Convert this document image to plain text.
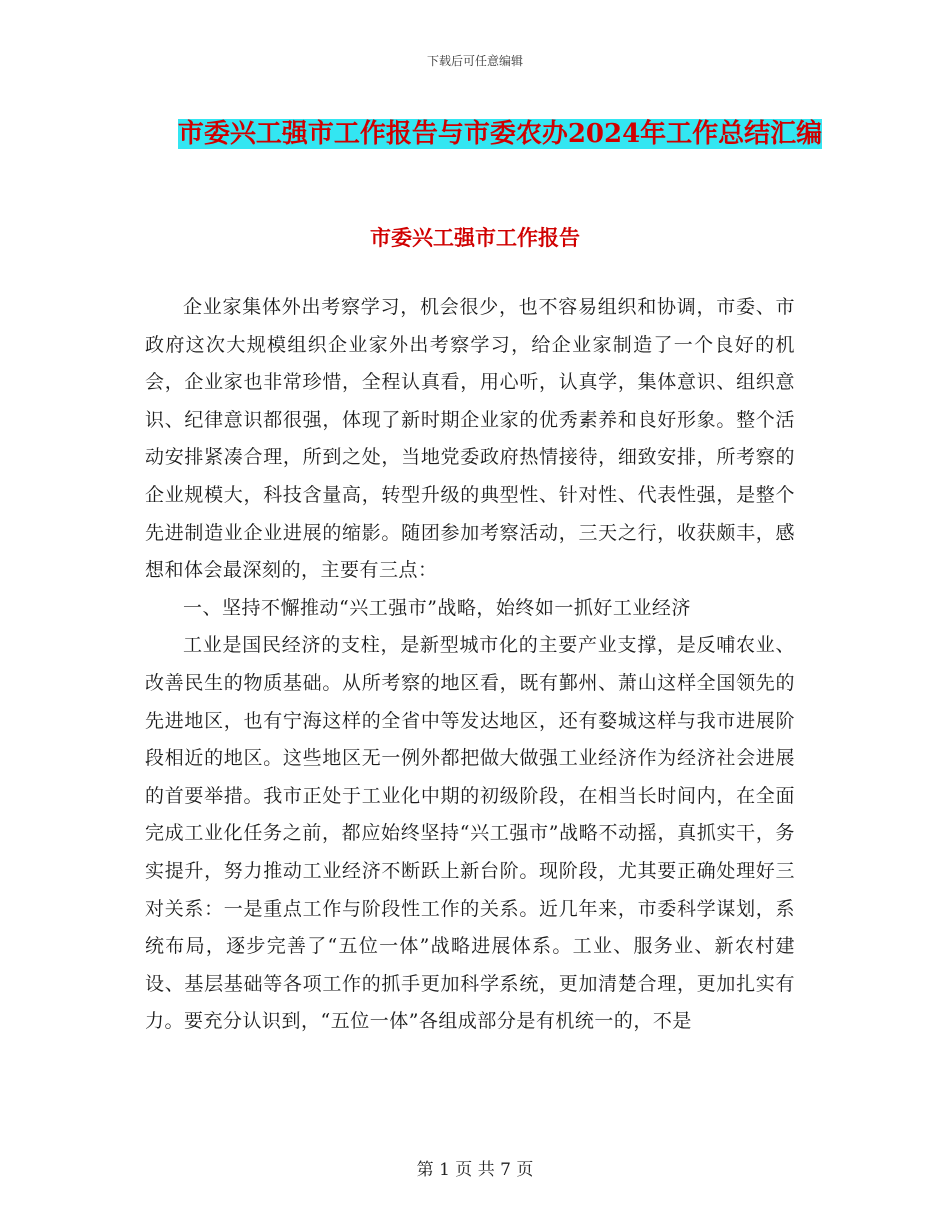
下载后可任意编辑
市委兴工强市工作报告与市委农办2024年工作总结汇编
市委兴工强市工作报告

企业家集体外出考察学习，机会很少，也不容易组织和协调，市委、市政府这次大规模组织企业家外出考察学习，给企业家制造了一个良好的机会，企业家也非常珍惜，全程认真看，用心听，认真学，集体意识、组织意识、纪律意识都很强，体现了新时期企业家的优秀素养和良好形象。整个活动安排紧凑合理，所到之处，当地党委政府热情接待，细致安排，所考察的企业规模大，科技含量高，转型升级的典型性、针对性、代表性强，是整个先进制造业企业进展的缩影。随团参加考察活动，三天之行，收获颇丰，感想和体会最深刻的，主要有三点：

一、坚持不懈推动“兴工强市”战略，始终如一抓好工业经济

工业是国民经济的支柱，是新型城市化的主要产业支撑，是反哺农业、改善民生的物质基础。从所考察的地区看，既有鄞州、萧山这样全国领先的先进地区，也有宁海这样的全省中等发达地区，还有婺城这样与我市进展阶段相近的地区。这些地区无一例外都把做大做强工业经济作为经济社会进展的首要举措。我市正处于工业化中期的初级阶段，在相当长时间内，在全面完成工业化任务之前，都应始终坚持“兴工强市”战略不动摇，真抓实干，务实提升，努力推动工业经济不断跃上新台阶。现阶段，尤其要正确处理好三对关系：一是重点工作与阶段性工作的关系。近几年来，市委科学谋划，系统布局，逐步完善了“五位一体”战略进展体系。工业、服务业、新农村建设、基层基础等各项工作的抓手更加科学系统，更加清楚合理，更加扎实有力。要充分认识到，“五位一体”各组成部分是有机统一的，不是

第 1 页 共 7 页
